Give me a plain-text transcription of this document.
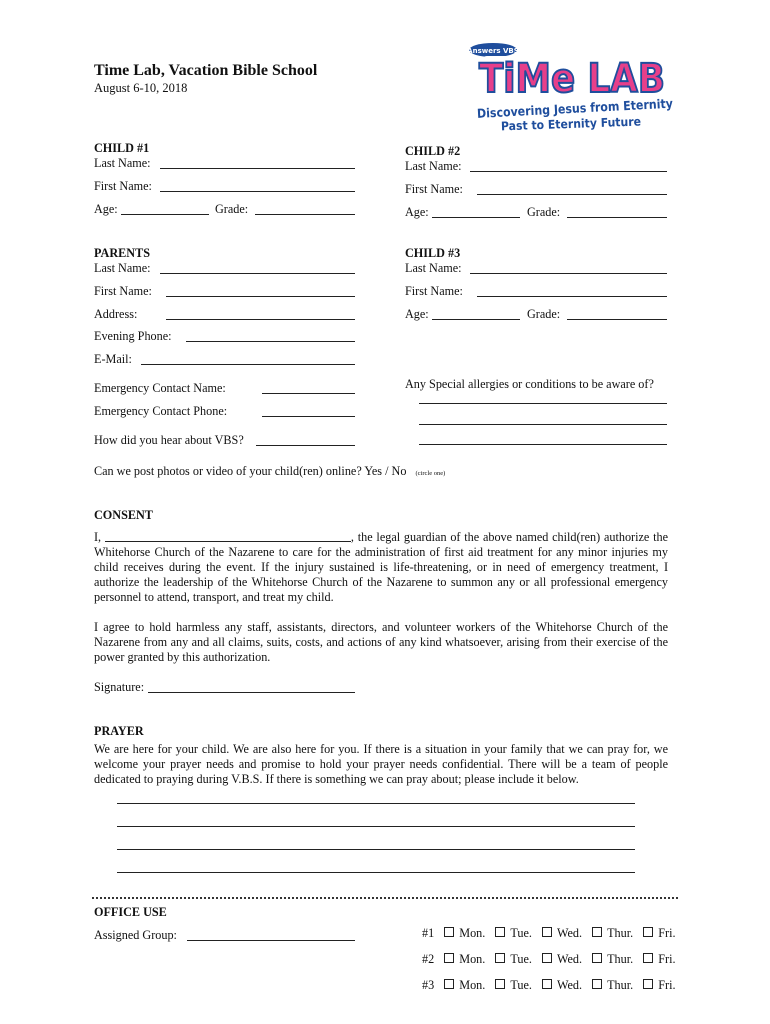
Time Lab, Vacation Bible School
August 6-10, 2018
Answers VBS
TiMe LAB
Discovering Jesus from Eternity
Past to Eternity Future
CHILD #1
Last Name:
First Name:
Age:	Grade:
CHILD #2
Last Name:
First Name:
Age:	Grade:
PARENTS
Last Name:
First Name:
Address:
Evening Phone:
E-Mail:
Emergency Contact Name:
Emergency Contact Phone:
How did you hear about VBS?
CHILD #3
Last Name:
First Name:
Age:	Grade:
Any Special allergies or conditions to be aware of?
Can we post photos or video of your child(ren) online? Yes / No (circle one)
CONSENT
I,	, the legal guardian of the above named child(ren) authorize the Whitehorse Church of the Nazarene to care for the administration of first aid treatment for any minor injuries my child receives during the event. If the injury sustained is life-threatening, or in need of emergency treatment, I authorize the leadership of the Whitehorse Church of the Nazarene to summon any or all professional emergency personnel to attend, transport, and treat my child.
I agree to hold harmless any staff, assistants, directors, and volunteer workers of the Whitehorse Church of the Nazarene from any and all claims, suits, costs, and actions of any kind whatsoever, arising from their exercise of the power granted by this authorization.
Signature:
PRAYER
We are here for your child. We are also here for you. If there is a situation in your family that we can pray for, we welcome your prayer needs and promise to hold your prayer needs confidential. There will be a team of people dedicated to praying during V.B.S. If there is something we can pray about; please include it below.
OFFICE USE
Assigned Group:	#1 Mon. Tue. Wed. Thur. Fri.
#2 Mon. Tue. Wed. Thur. Fri.
#3 Mon. Tue. Wed. Thur. Fri.
